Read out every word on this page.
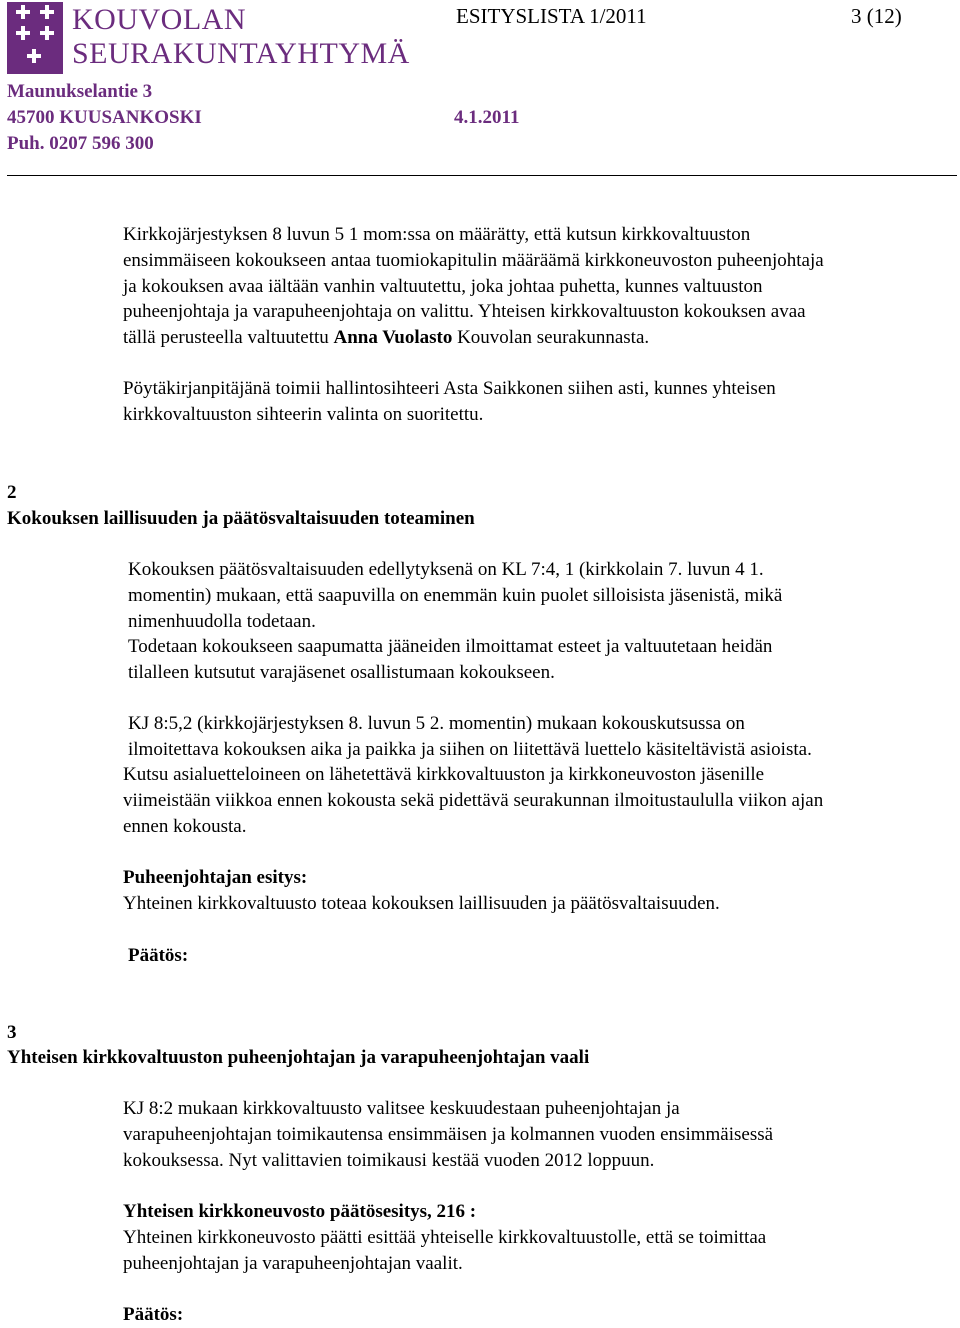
KOUVOLAN
SEURAKUNTAYHTYMÄ
ESITYSLISTA 1/2011	3 (12)
Maunukselantie 3
45700 KUUSANKOSKI	4.1.2011
Puh. 0207 596 300
Kirkkojärjestyksen 8 luvun 5 1 mom:ssa on määrätty, että kutsun kirkkovaltuuston
ensimmäiseen kokoukseen antaa tuomiokapitulin määräämä kirkkoneuvoston puheenjohtaja
ja kokouksen avaa iältään vanhin valtuutettu, joka johtaa puhetta, kunnes valtuuston
puheenjohtaja ja varapuheenjohtaja on valittu. Yhteisen kirkkovaltuuston kokouksen avaa
tällä perusteella valtuutettu Anna Vuolasto Kouvolan seurakunnasta.
Pöytäkirjanpitäjänä toimii hallintosihteeri Asta Saikkonen siihen asti, kunnes yhteisen
kirkkovaltuuston sihteerin valinta on suoritettu.
2
Kokouksen laillisuuden ja päätösvaltaisuuden toteaminen
Kokouksen päätösvaltaisuuden edellytyksenä on KL 7:4, 1 (kirkkolain 7. luvun 4 1.
momentin) mukaan, että saapuvilla on enemmän kuin puolet silloisista jäsenistä, mikä
nimenhuudolla todetaan.
Todetaan kokoukseen saapumatta jääneiden ilmoittamat esteet ja valtuutetaan heidän
tilalleen kutsutut varajäsenet osallistumaan kokoukseen.
KJ 8:5,2 (kirkkojärjestyksen 8. luvun 5 2. momentin) mukaan kokouskutsussa on
ilmoitettava kokouksen aika ja paikka ja siihen on liitettävä luettelo käsiteltävistä asioista.
Kutsu asialuetteloineen on lähetettävä kirkkovaltuuston ja kirkkoneuvoston jäsenille
viimeistään viikkoa ennen kokousta sekä pidettävä seurakunnan ilmoitustaululla viikon ajan
ennen kokousta.
Puheenjohtajan esitys:
Yhteinen kirkkovaltuusto toteaa kokouksen laillisuuden ja päätösvaltaisuuden.
Päätös:
3
Yhteisen kirkkovaltuuston puheenjohtajan ja varapuheenjohtajan vaali
KJ 8:2 mukaan kirkkovaltuusto valitsee keskuudestaan puheenjohtajan ja
varapuheenjohtajan toimikautensa ensimmäisen ja kolmannen vuoden ensimmäisessä
kokouksessa. Nyt valittavien toimikausi kestää vuoden 2012 loppuun.
Yhteisen kirkkoneuvosto päätösesitys, 216 :
Yhteinen kirkkoneuvosto päätti esittää yhteiselle kirkkovaltuustolle, että se toimittaa
puheenjohtajan ja varapuheenjohtajan vaalit.
Päätös:
